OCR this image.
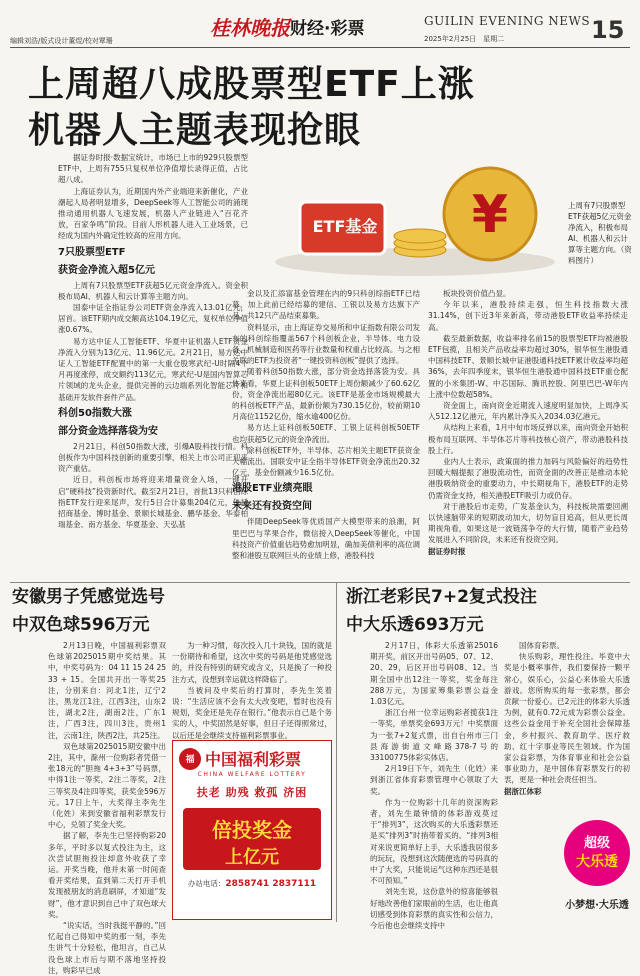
编辑刘浩/版式设计董煜/校对覃珊
桂林晚报 财经·彩票	GUILIN EVENING NEWS
2025年2月25日　星期二	15
上周超八成股票型ETF上涨
机器人主题表现抢眼
¥
ETF基金
上周有7只股票型ETF获超5亿元资金净流入，积极布局AI、机器人和云计算等主题方向。（资料图片）

据证券时报·数据宝统计，市场已上市的929只股票型ETF中，上周有755只复权单位净值增长录得正值，占比超八成。

上海证券认为，近期国内外产业端迎来新催化，产业潮起人局者明显增多，DeepSeek等人工智能公司的涌现推动通用机器人飞速发展，机器人产业链进入“百花齐放，百家争鸣”阶段。目前人形机器人进入工业场景，已经成为国内外确定性较高的应用方向。

7只股票型ETF

获资金净流入超5亿元

上周有7只股票型ETF获超5亿元资金净流入。资金积极布局AI、机器人和云计算等主题方向。

国泰中证全指证券公司ETF资金净流入13.01亿元，居首。该ETF期内成交额高达104.19亿元，复权单位净值涨0.67%。

易方达中证人工智能ETF、华夏中证机器人ETF资金净流入分别为13亿元、11.96亿元。2月21日，易方达中证人工智能ETF配置中的第一大重仓股寒武纪-U时隔4个月再度涨停，成交额约113亿元，寒武纪-U是国内智算芯片领域的龙头企业，提供完善的云边端系列化智能芯片和基础开发软件套件产品。

科创50指数大涨

部分资金选择落袋为安

2月21日，科创50指数大涨，引爆A股科技行情。科创板作为中国科技创新的重要引擎，相关上市公司正迎来资产重估。

近日，科创板市场将迎来增量资金入场，一键开启“硬科技”投资新时代。截至2月21日，首批13只科创综指ETF发行迎来尾声，发行5日合计募集204亿元，包括招商基金、博时基金、景顺长城基金、鹏华基金、华泰柏瑞基金、南方基金、华夏基金、天弘基

金以及汇添富基金管理在内的9只科创综指ETF已结募，加上此前已经结募的建信、工银以及易方达旗下产品，共12只产品结束募集。

资料显示，由上海证券交易所和中证指数有限公司发布的科创综指覆盖567个科创板企业，半导体、电力设备、机械制造和医药等行业数量和权重占比较高。与之相关联的ETF为投资者“一键投资科创板”提供了选择。

随着科创50指数大涨，部分资金选择落袋为安。具体来看，华夏上证科创板50ETF上周份额减少了60.62亿份，资金净流出超80亿元。该ETF是基金市场规模最大的科创板ETF产品，最新份额为730.15亿份，较前期10月高位1152亿份，缩水逾400亿份。

易方达上证科创板50ETF、工银上证科创板50ETF也均获超5亿元的资金净流出。

除科创板ETF外，半导体、芯片相关主题ETF获资金大幅流出。国联安中证全指半导体ETF资金净流出20.32亿元，基金份额减少16.5亿份。

港股ETF业绩亮眼

未来还有投资空间

伴随DeepSeek等优质国产大模型带来的浪潮，阿里巴巴与苹果合作，微信接入DeepSeek等催化，中国科技资产价值重估趋势愈加明显，确加美债利率的高位调整和港股互联网巨头的业绩上修，港股科技

板块投资价值凸显。

今年以来，港股持续走强，恒生科技指数大涨31.14%，创下近3年来新高，带动港股ETF收益率持续走高。

截至最新数据，收益率排名前15的股票型ETF均被港股ETF包揽，且相关产品收益率均超过30%，银华恒生港股通中国科技ETF、景顺长城中证港股通科技ETF累计收益率均超36%，去年四季度末，银华恒生港股通中国科技ETF重仓配置的小米集团-W、中芯国际、腾讯控股、阿里巴巴-W年内上涨中位数超58%。

资金面上，南向资金近期流入速度明显加快，上周净买入512.12亿港元，年内累计净买入2034.03亿港元。

从结构上来看，1月中旬市场反弹以来，南向资金开始积极布局互联网、半导体芯片等科技核心资产，带动港股科技股上行。

业内人士表示，政策面的推力加码与风险偏好的趋势性回暖大幅提振了港股流动性，而资金面的改善正是推动本轮港股吸纳资金的重要动力，中长期视角下，港股ETF的走势仍需资金支持，相关港股ETF吸引力或仍存。

对于港股后市走势，广发基金认为，科技板块需要回溯以快速脑带来的短期波动加大，切勿盲目追高，但从更长周期视角看，如果这是一波链荡争夺的大行情，随着产业趋势发展进入不同阶段，未来还有投资空间。

据证券时报

安徽男子凭感觉选号
中双色球596万元

2月13日晚，中国福利彩票双色球第2025015期中奖结果。其中，中奖号码为：04 11 15 24 25 33 + 15。全国共开出一等奖25注，分别来自：河北1注，辽宁2注，黑龙江1注，江西3注，山东2注，湖北2注，湖南2注，广东1注，广西3注，四川3注，贵州1注，云南1注，陕西2注，共25注。

双色球第2025015期安徽中出2注，其中，滁州一位购彩者凭借一张18元的“胆拖 4+3+3”号码票，中得1注一等奖，2注二等奖，2注三等奖及4注四等奖，获奖金596万元。17日上午，大奖得主李先生（化姓）来到安徽省福利彩票发行中心，兑领了奖金大奖。

据了解，李先生已坚持购彩20多年，平时多以复式投注为主，这次尝试胆拖投注却意外收获了幸运。开奖当晚，他并未第一时间查看开奖结果，直到第二天打开手机发现被朋友的消息刷屏，才知道“发财”，他才意识到自己中了双色球大奖。

“说实话，当时我挺平静的。”回忆起自己得知中奖的那一刻，李先生讲气十分轻松，他坦言，自己从没色球上市后与期不落地坚持投注，购彩早已成

为一种习惯，每次投入几十块钱，国的就是一份期待和希望，这次中奖的号码是他凭感觉选的，并没有特别的研究或含义，只是换了一种投注方式，没想到幸运就这样降临了。

当被问及中奖后的打算时，李先生笑着说：“生活应该不会有太大改变吧，暂时也没有规划，奖金还是先存在银行。”他表示自己是个务实的人，中奖固然是好事，但日子还得照常过，以后还是会继续支持福利彩票事业。

福 中国福利彩票
CHINA WELFARE LOTTERY
扶老 助残 救孤 济困
倍投奖金
上亿元
办站电话：2858741 2837111
浙江老彩民7+2复式投注
中大乐透693万元

2月17日，体彩大乐透第25016期开奖，前区开出号码05、07、12、20、29，后区开出号码08、12。当期全国中出12注一等奖，奖金每注288万元，为国家筹集彩票公益金1.03亿元。

浙江台州一位幸运购彩者揽获1注一等奖，单票奖金693万元！中奖票面为一张7+2复式票，出自台州市三门县海游街道文峰路378-7号的33100775体彩实体店。

2月19日下午，刘先生（化姓）来到浙江省体育彩票管理中心领取了大奖。

作为一位购彩十几年的资深购彩者，刘先生最钟情的体彩游戏莫过于“排列3”，这次购买的大乐透彩票还是买“排列3”时捎带着买的。“排列3相对来说更简单好上手，大乐透我居很多的玩玩，没想到这次随便选的号码真的中了大奖，只能说运气这种东西还是很不可预知。”

刘先生说，这份意外的惊喜能够很好地改善他们家眼前的生活，也让他真切感受到体育彩票的真实性和公信力，今后他也会继续支持中

国体育彩票。

快乐购彩，理性投注。毕竟中大奖是小概率事件，我们要保持一颗平常心，娱乐心，公益心来体验大乐透游戏。您所购买的每一张彩票，都会贡献一份爱心。已2元注的体彩大乐透为例，就有0.72元成为彩票公益金。这些公益金用于补充全国社会保障基金，乡村振兴、教育助学、医疗救助、红十字事业等民生领域。作为国家公益彩票，为体育事业和社会公益事业助力，是中国体育彩票发行的初衷，更是一种社会责任担当。

据浙江体彩

超级
大乐透
小梦想·大乐透
